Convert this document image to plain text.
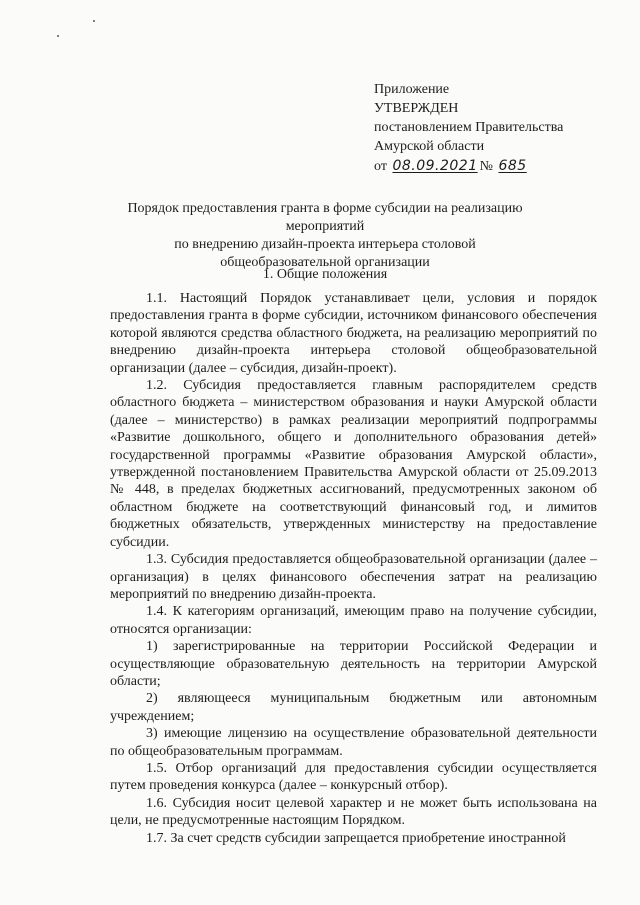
Приложение
УТВЕРЖДЕН
постановлением Правительства
Амурской области
от 08.09.2021 № 685
Порядок предоставления гранта в форме субсидии на реализацию мероприятий
по внедрению дизайн-проекта интерьера столовой
общеобразовательной организации
1. Общие положения

1.1. Настоящий Порядок устанавливает цели, условия и порядок предоставления гранта в форме субсидии, источником финансового обеспечения которой являются средства областного бюджета, на реализацию мероприятий по внедрению дизайн-проекта интерьера столовой общеобразовательной организации (далее – субсидия, дизайн-проект).

1.2. Субсидия предоставляется главным распорядителем средств областного бюджета – министерством образования и науки Амурской области (далее – министерство) в рамках реализации мероприятий подпрограммы «Развитие дошкольного, общего и дополнительного образования детей» государственной программы «Развитие образования Амурской области», утвержденной постановлением Правительства Амурской области от 25.09.2013 № 448, в пределах бюджетных ассигнований, предусмотренных законом об областном бюджете на соответствующий финансовый год, и лимитов бюджетных обязательств, утвержденных министерству на предоставление субсидии.

1.3. Субсидия предоставляется общеобразовательной организации (далее – организация) в целях финансового обеспечения затрат на реализацию мероприятий по внедрению дизайн-проекта.

1.4. К категориям организаций, имеющим право на получение субсидии, относятся организации:

1) зарегистрированные на территории Российской Федерации и осуществляющие образовательную деятельность на территории Амурской области;

2) являющееся муниципальным бюджетным или автономным учреждением;

3) имеющие лицензию на осуществление образовательной деятельности по общеобразовательным программам.

1.5. Отбор организаций для предоставления субсидии осуществляется путем проведения конкурса (далее – конкурсный отбор).

1.6. Субсидия носит целевой характер и не может быть использована на цели, не предусмотренные настоящим Порядком.

1.7. За счет средств субсидии запрещается приобретение иностранной
